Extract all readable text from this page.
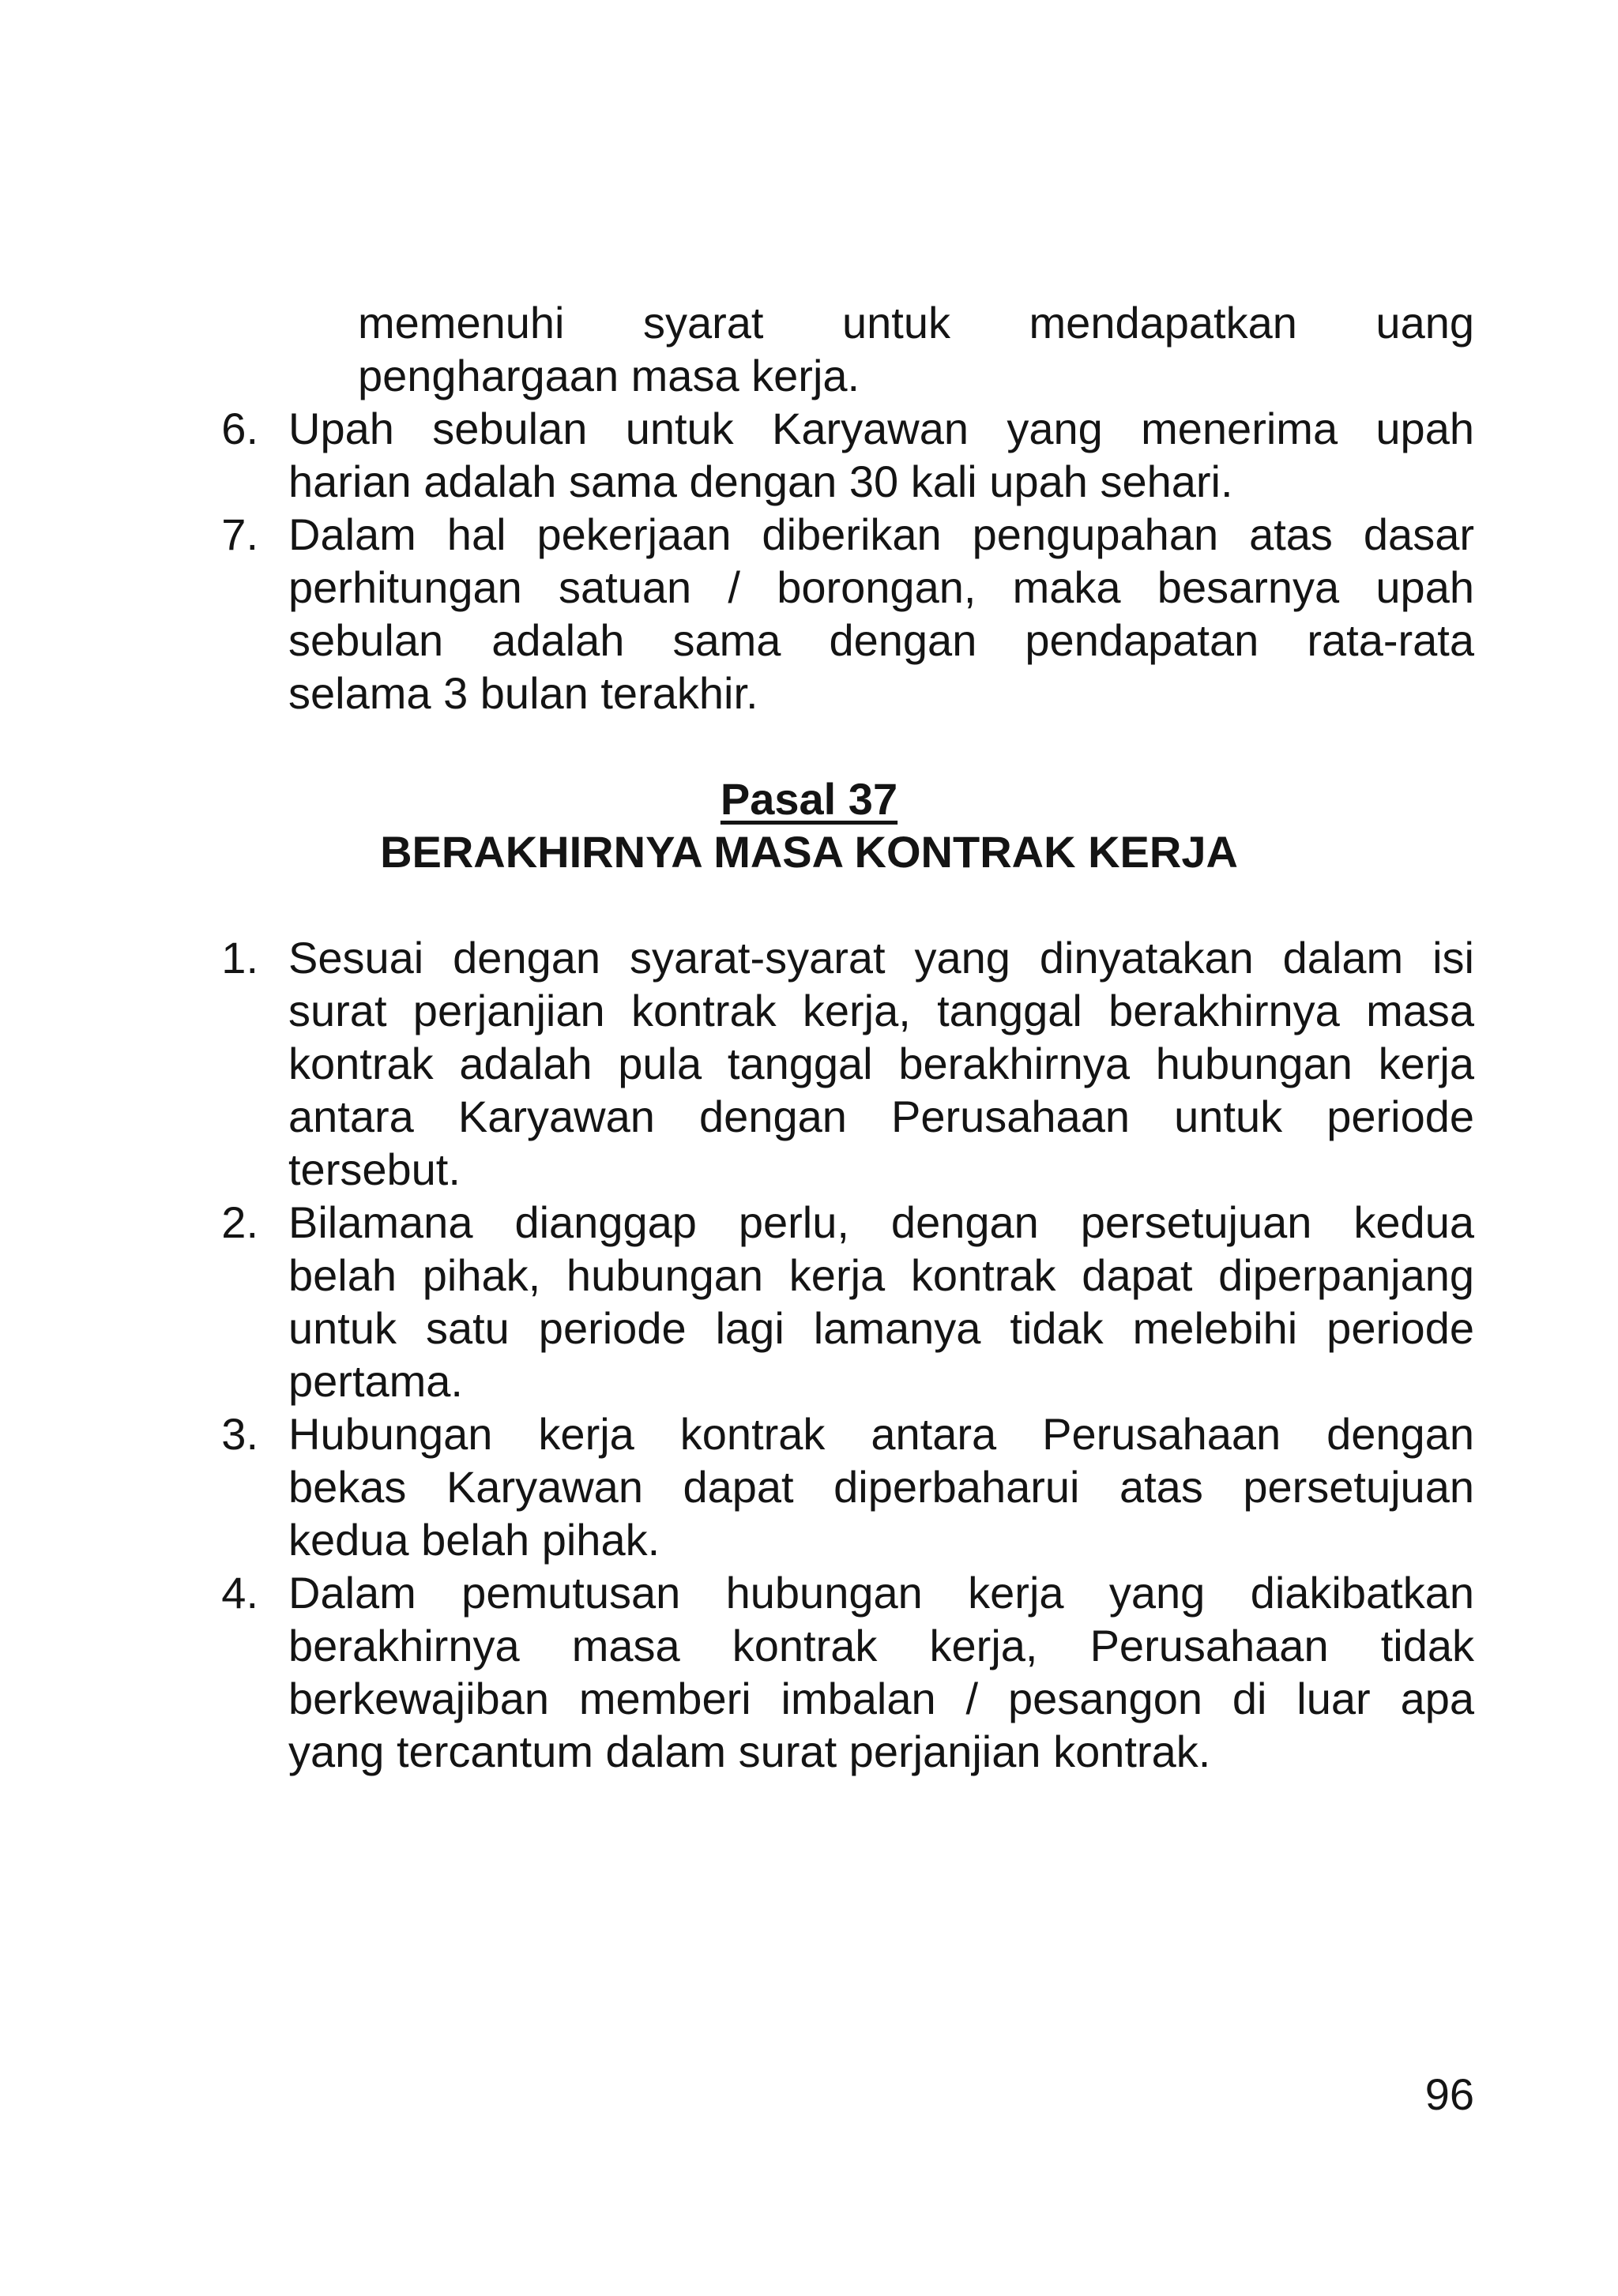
memenuhi syarat untuk mendapatkan uang
penghargaan masa kerja.
6. Upah sebulan untuk Karyawan yang menerima upah
harian adalah sama dengan 30 kali upah sehari.
7. Dalam hal pekerjaan diberikan pengupahan atas dasar
perhitungan satuan / borongan, maka besarnya upah
sebulan adalah sama dengan pendapatan rata-rata
selama 3 bulan terakhir.
Pasal 37
BERAKHIRNYA MASA KONTRAK KERJA
1. Sesuai dengan syarat-syarat yang dinyatakan dalam isi
surat perjanjian kontrak kerja, tanggal berakhirnya masa
kontrak adalah pula tanggal berakhirnya hubungan kerja
antara Karyawan dengan Perusahaan untuk periode
tersebut.
2. Bilamana dianggap perlu, dengan persetujuan kedua
belah pihak, hubungan kerja kontrak dapat diperpanjang
untuk satu periode lagi lamanya tidak melebihi periode
pertama.
3. Hubungan kerja kontrak antara Perusahaan dengan
bekas Karyawan dapat diperbaharui atas persetujuan
kedua belah pihak.
4. Dalam pemutusan hubungan kerja yang diakibatkan
berakhirnya masa kontrak kerja, Perusahaan tidak
berkewajiban memberi imbalan / pesangon di luar apa
yang tercantum dalam surat perjanjian kontrak.
96
